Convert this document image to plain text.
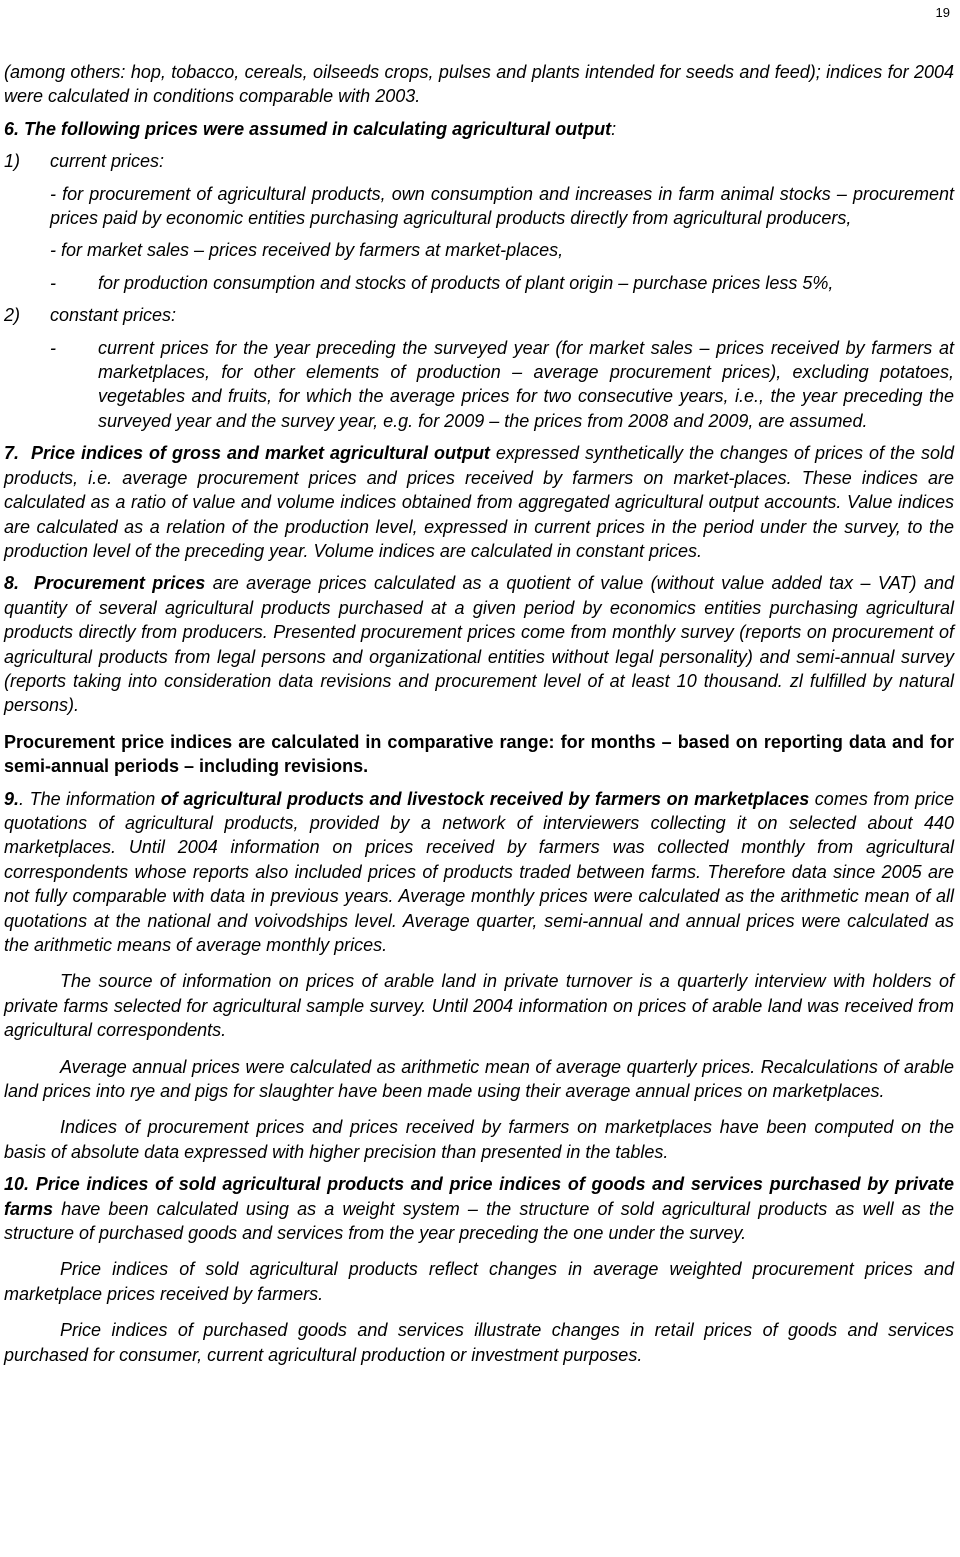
19

(among others: hop, tobacco, cereals, oilseeds crops, pulses and plants intended for seeds and feed); indices for 2004 were calculated in conditions comparable with 2003.

6. The following prices were assumed in calculating agricultural output:

1) current prices:

- for procurement of agricultural products, own consumption and increases in farm animal stocks – procurement prices paid by economic entities purchasing agricultural products directly from agricultural producers,

- for market sales – prices received by farmers at market-places,

- for production consumption and stocks of products of plant origin – purchase prices less 5%,

2) constant prices:

- current prices for the year preceding the surveyed year (for market sales – prices received by farmers at marketplaces, for other elements of production – average procurement prices), excluding potatoes, vegetables and fruits, for which the average prices for two consecutive years, i.e., the year preceding the surveyed year and the survey year, e.g. for 2009 – the prices from 2008 and 2009, are assumed.

7. Price indices of gross and market agricultural output expressed synthetically the changes of prices of the sold products, i.e. average procurement prices and prices received by farmers on market-places. These indices are calculated as a ratio of value and volume indices obtained from aggregated agricultural output accounts. Value indices are calculated as a relation of the production level, expressed in current prices in the period under the survey, to the production level of the preceding year. Volume indices are calculated in constant prices.

8. Procurement prices are average prices calculated as a quotient of value (without value added tax – VAT) and quantity of several agricultural products purchased at a given period by economics entities purchasing agricultural products directly from producers. Presented procurement prices come from monthly survey (reports on procurement of agricultural products from legal persons and organizational entities without legal personality) and semi-annual survey (reports taking into consideration data revisions and procurement level of at least 10 thousand. zl fulfilled by natural persons).

Procurement price indices are calculated in comparative range: for months – based on reporting data and for semi-annual periods – including revisions.

9.. The information of agricultural products and livestock received by farmers on marketplaces comes from price quotations of agricultural products, provided by a network of interviewers collecting it on selected about 440 marketplaces. Until 2004 information on prices received by farmers was collected monthly from agricultural correspondents whose reports also included prices of products traded between farms. Therefore data since 2005 are not fully comparable with data in previous years. Average monthly prices were calculated as the arithmetic mean of all quotations at the national and voivodships level. Average quarter, semi-annual and annual prices were calculated as the arithmetic means of average monthly prices.

The source of information on prices of arable land in private turnover is a quarterly interview with holders of private farms selected for agricultural sample survey. Until 2004 information on prices of arable land was received from agricultural correspondents.

Average annual prices were calculated as arithmetic mean of average quarterly prices. Recalculations of arable land prices into rye and pigs for slaughter have been made using their average annual prices on marketplaces.

Indices of procurement prices and prices received by farmers on marketplaces have been computed on the basis of absolute data expressed with higher precision than presented in the tables.

10. Price indices of sold agricultural products and price indices of goods and services purchased by private farms have been calculated using as a weight system – the structure of sold agricultural products as well as the structure of purchased goods and services from the year preceding the one under the survey.

Price indices of sold agricultural products reflect changes in average weighted procurement prices and marketplace prices received by farmers.

Price indices of purchased goods and services illustrate changes in retail prices of goods and services purchased for consumer, current agricultural production or investment purposes.
